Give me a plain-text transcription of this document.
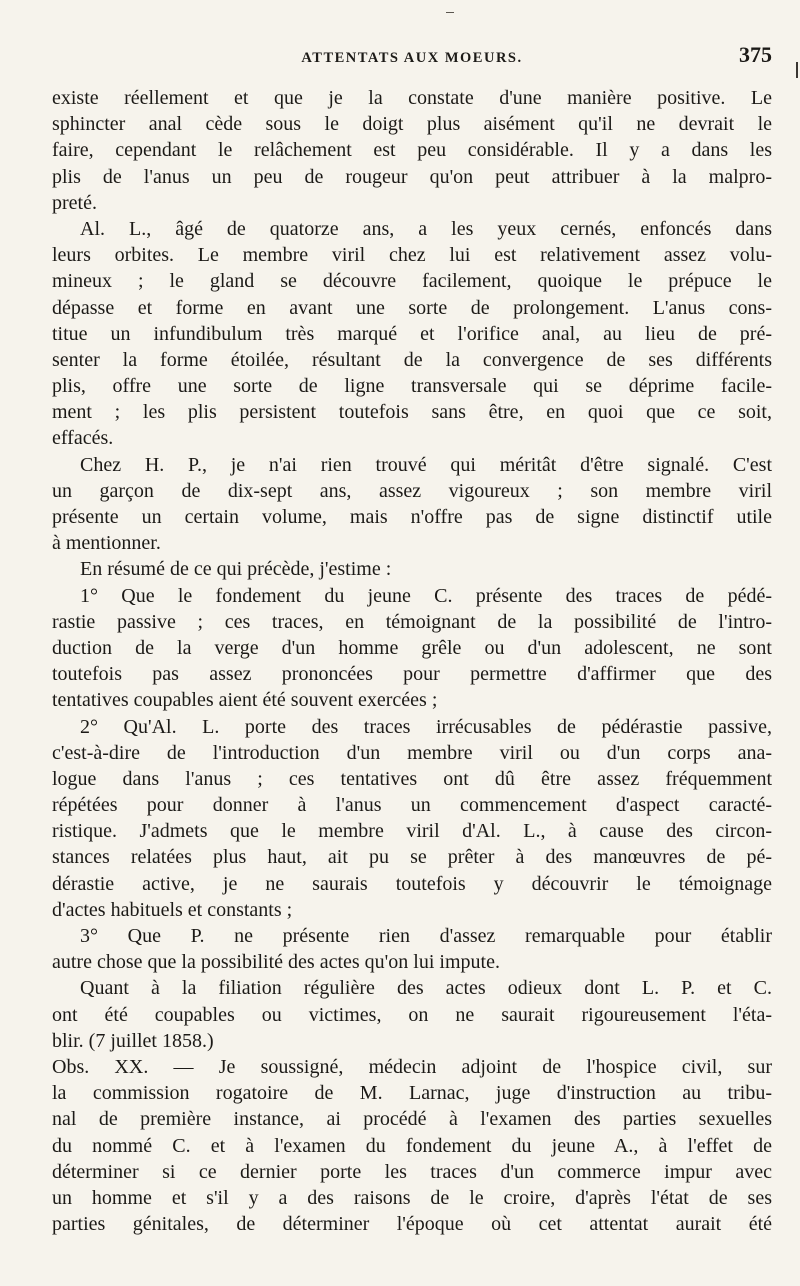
ATTENTATS AUX MOEURS.	375
existe réellement et que je la constate d'une manière positive. Le
sphincter anal cède sous le doigt plus aisément qu'il ne devrait le
faire, cependant le relâchement est peu considérable. Il y a dans les
plis de l'anus un peu de rougeur qu'on peut attribuer à la malpro-
preté.
Al. L., âgé de quatorze ans, a les yeux cernés, enfoncés dans
leurs orbites. Le membre viril chez lui est relativement assez volu-
mineux ; le gland se découvre facilement, quoique le prépuce le
dépasse et forme en avant une sorte de prolongement. L'anus cons-
titue un infundibulum très marqué et l'orifice anal, au lieu de pré-
senter la forme étoilée, résultant de la convergence de ses différents
plis, offre une sorte de ligne transversale qui se déprime facile-
ment ; les plis persistent toutefois sans être, en quoi que ce soit,
effacés.
Chez H. P., je n'ai rien trouvé qui méritât d'être signalé. C'est
un garçon de dix-sept ans, assez vigoureux ; son membre viril
présente un certain volume, mais n'offre pas de signe distinctif utile
à mentionner.
En résumé de ce qui précède, j'estime :
1° Que le fondement du jeune C. présente des traces de pédé-
rastie passive ; ces traces, en témoignant de la possibilité de l'intro-
duction de la verge d'un homme grêle ou d'un adolescent, ne sont
toutefois pas assez prononcées pour permettre d'affirmer que des
tentatives coupables aient été souvent exercées ;
2° Qu'Al. L. porte des traces irrécusables de pédérastie passive,
c'est-à-dire de l'introduction d'un membre viril ou d'un corps ana-
logue dans l'anus ; ces tentatives ont dû être assez fréquemment
répétées pour donner à l'anus un commencement d'aspect caracté-
ristique. J'admets que le membre viril d'Al. L., à cause des circon-
stances relatées plus haut, ait pu se prêter à des manœuvres de pé-
dérastie active, je ne saurais toutefois y découvrir le témoignage
d'actes habituels et constants ;
3° Que P. ne présente rien d'assez remarquable pour établir
autre chose que la possibilité des actes qu'on lui impute.
Quant à la filiation régulière des actes odieux dont L. P. et C.
ont été coupables ou victimes, on ne saurait rigoureusement l'éta-
blir. (7 juillet 1858.)
Obs. XX. — Je soussigné, médecin adjoint de l'hospice civil, sur
la commission rogatoire de M. Larnac, juge d'instruction au tribu-
nal de première instance, ai procédé à l'examen des parties sexuelles
du nommé C. et à l'examen du fondement du jeune A., à l'effet de
déterminer si ce dernier porte les traces d'un commerce impur avec
un homme et s'il y a des raisons de le croire, d'après l'état de ses
parties génitales, de déterminer l'époque où cet attentat aurait été
